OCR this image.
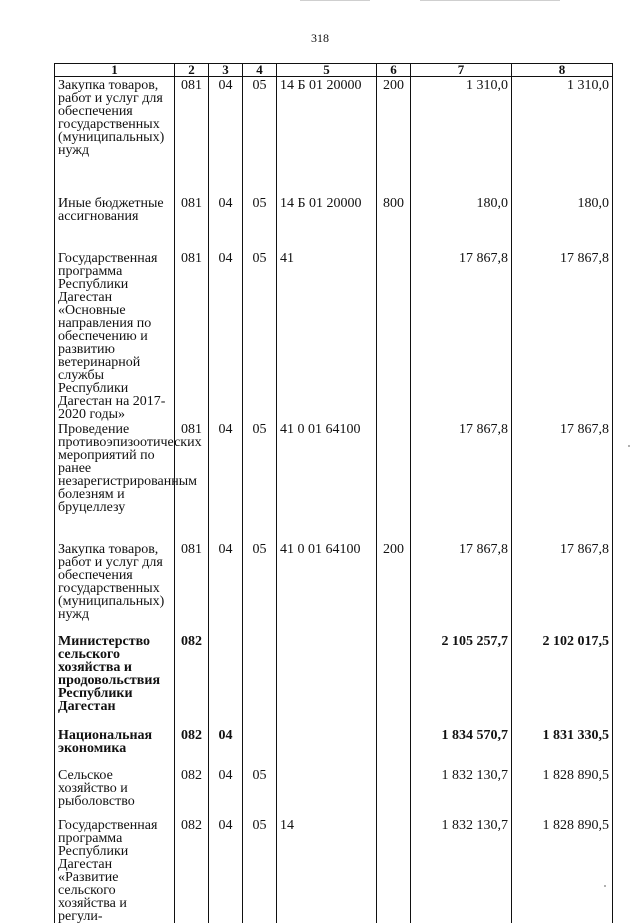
318
1	2	3	4	5	6	7	8
Закупка товаров, работ и услуг для обеспечения государственных (муниципальных) нужд	081	04	05	14 Б 01 20000	200	1 310,0	1 310,0
Иные бюджетные ассигнования	081	04	05	14 Б 01 20000	800	180,0	180,0
Государственная программа Республики Дагестан «Основные направления по обеспечению и развитию ветеринарной службы Республики Дагестан на 2017-2020 годы»	081	04	05	41		17 867,8	17 867,8
Проведение противоэпизоотических мероприятий по ранее незарегистрированным болезням и бруцеллезу	081	04	05	41 0 01 64100		17 867,8	17 867,8
Закупка товаров, работ и услуг для обеспечения государственных (муниципальных) нужд	081	04	05	41 0 01 64100	200	17 867,8	17 867,8
Министерство сельского хозяйства и продовольствия Республики Дагестан	082					2 105 257,7	2 102 017,5
Национальная экономика	082	04				1 834 570,7	1 831 330,5
Сельское хозяйство и рыболовство	082	04	05			1 832 130,7	1 828 890,5
Государственная программа Республики Дагестан «Развитие сельского хозяйства и регули-	082	04	05	14		1 832 130,7	1 828 890,5
